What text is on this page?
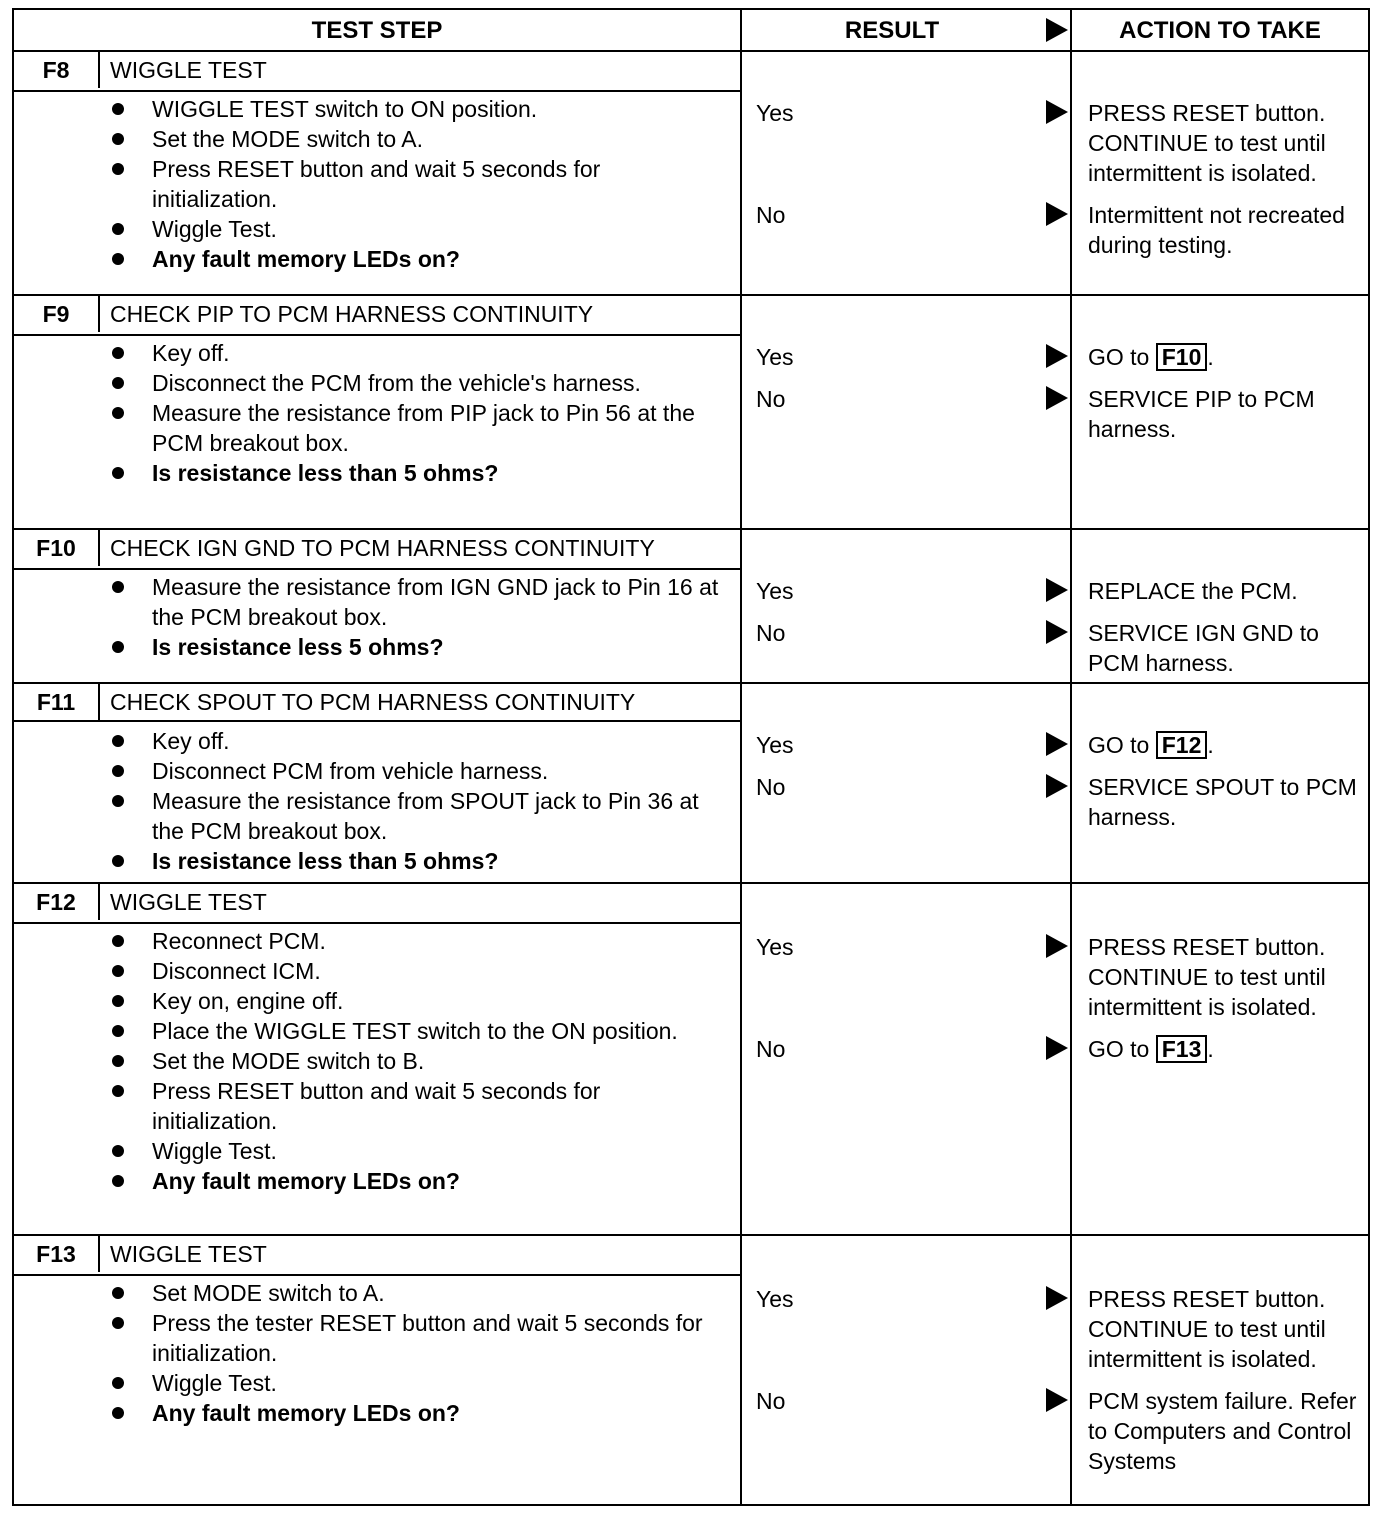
TEST STEP	RESULT	ACTION TO TAKE
F8	WIGGLE TEST
WIGGLE TEST switch to ON position.
Set the MODE switch to A.
Press RESET button and wait 5 seconds for initialization.
Wiggle Test.
Any fault memory LEDs on?
Yes	PRESS RESET button. CONTINUE to test until intermittent is isolated.
No	Intermittent not recreated during testing.
F9	CHECK PIP TO PCM HARNESS CONTINUITY
Key off.
Disconnect the PCM from the vehicle's harness.
Measure the resistance from PIP jack to Pin 56 at the PCM breakout box.
Is resistance less than 5 ohms?
Yes	GO to F10 .
No	SERVICE PIP to PCM harness.
F10	CHECK IGN GND TO PCM HARNESS CONTINUITY
Measure the resistance from IGN GND jack to Pin 16 at the PCM breakout box.
Is resistance less 5 ohms?
Yes	REPLACE the PCM.
No	SERVICE IGN GND to PCM harness.
F11	CHECK SPOUT TO PCM HARNESS CONTINUITY
Key off.
Disconnect PCM from vehicle harness.
Measure the resistance from SPOUT jack to Pin 36 at the PCM breakout box.
Is resistance less than 5 ohms?
Yes	GO to F12 .
No	SERVICE SPOUT to PCM harness.
F12	WIGGLE TEST
Reconnect PCM.
Disconnect ICM.
Key on, engine off.
Place the WIGGLE TEST switch to the ON position.
Set the MODE switch to B.
Press RESET button and wait 5 seconds for initialization.
Wiggle Test.
Any fault memory LEDs on?
Yes	PRESS RESET button. CONTINUE to test until intermittent is isolated.
No	GO to F13 .
F13	WIGGLE TEST
Set MODE switch to A.
Press the tester RESET button and wait 5 seconds for initialization.
Wiggle Test.
Any fault memory LEDs on?
Yes	PRESS RESET button. CONTINUE to test until intermittent is isolated.
No	PCM system failure. Refer to Computers and Control Systems
